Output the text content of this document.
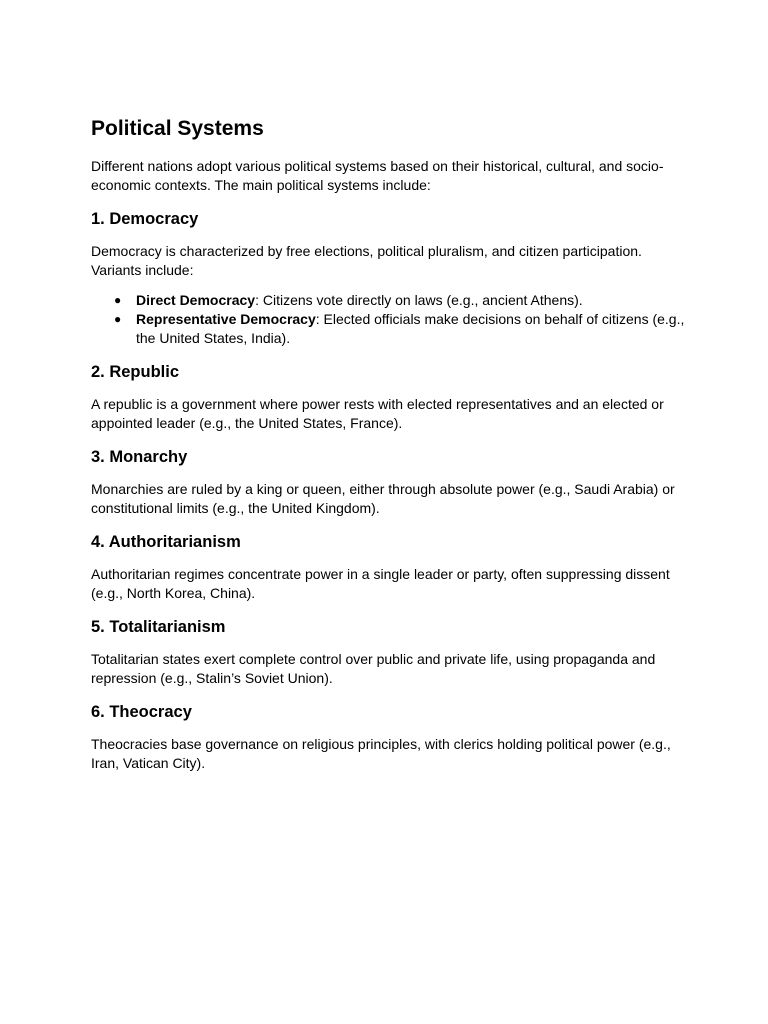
Political Systems

Different nations adopt various political systems based on their historical, cultural, and socio-economic contexts. The main political systems include:

1. Democracy

Democracy is characterized by free elections, political pluralism, and citizen participation. Variants include:

● Direct Democracy: Citizens vote directly on laws (e.g., ancient Athens).
● Representative Democracy: Elected officials make decisions on behalf of citizens (e.g., the United States, India).
2. Republic

A republic is a government where power rests with elected representatives and an elected or appointed leader (e.g., the United States, France).

3. Monarchy

Monarchies are ruled by a king or queen, either through absolute power (e.g., Saudi Arabia) or constitutional limits (e.g., the United Kingdom).

4. Authoritarianism

Authoritarian regimes concentrate power in a single leader or party, often suppressing dissent (e.g., North Korea, China).

5. Totalitarianism

Totalitarian states exert complete control over public and private life, using propaganda and repression (e.g., Stalin’s Soviet Union).

6. Theocracy

Theocracies base governance on religious principles, with clerics holding political power (e.g., Iran, Vatican City).
